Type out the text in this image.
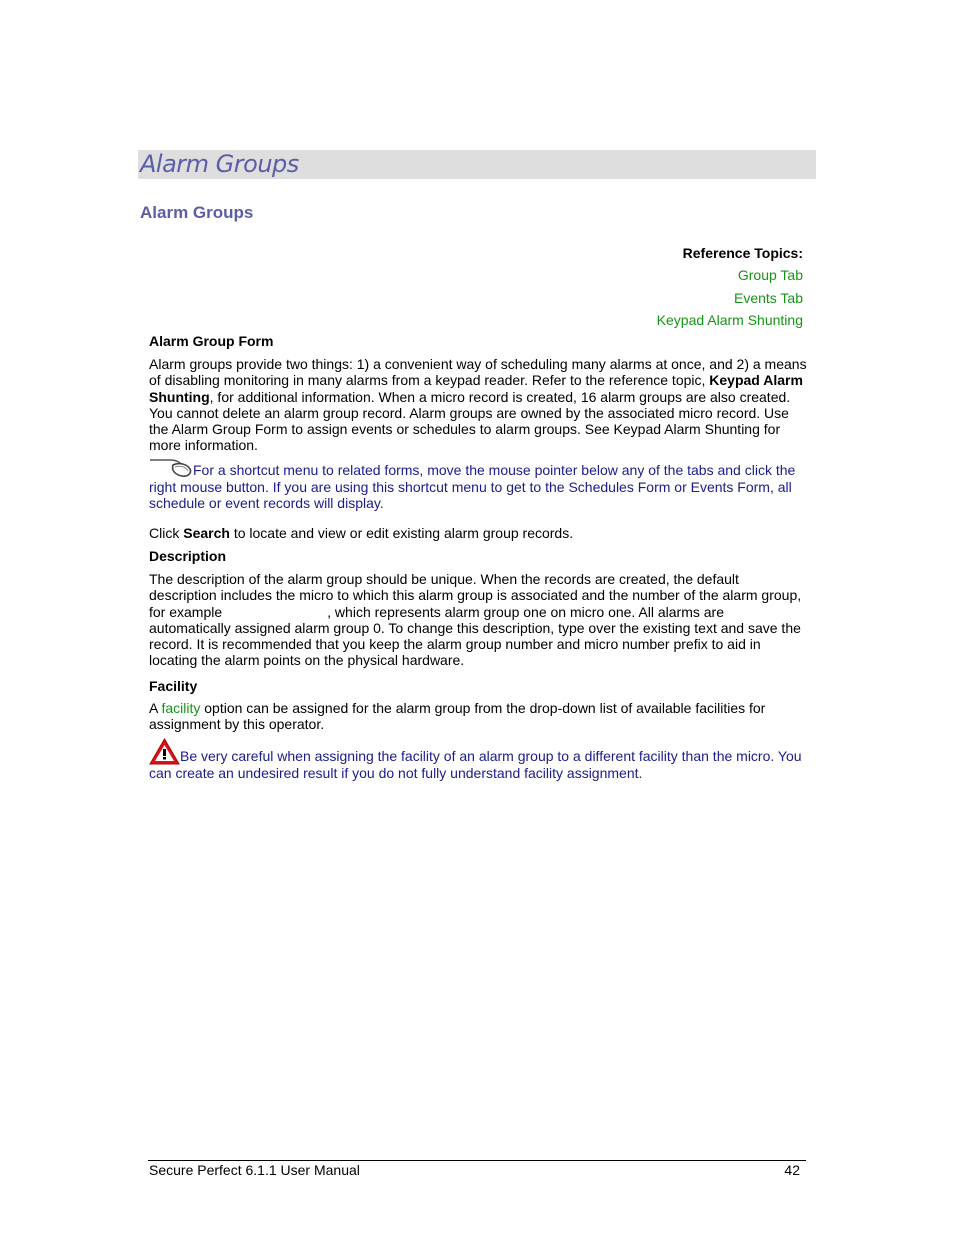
Alarm Groups
Alarm Groups
Reference Topics:
Group Tab
Events Tab
Keypad Alarm Shunting
Alarm Group Form
Alarm groups provide two things: 1) a convenient way of scheduling many alarms at once, and 2) a means of disabling monitoring in many alarms from a keypad reader. Refer to the reference topic, Keypad Alarm Shunting, for additional information. When a micro record is created, 16 alarm groups are also created. You cannot delete an alarm group record. Alarm groups are owned by the associated micro record. Use the Alarm Group Form to assign events or schedules to alarm groups. See Keypad Alarm Shunting for more information.
For a shortcut menu to related forms, move the mouse pointer below any of the tabs and click the right mouse button. If you are using this shortcut menu to get to the Schedules Form or Events Form, all schedule or event records will display.
Click Search to locate and view or edit existing alarm group records.
Description
The description of the alarm group should be unique. When the records are created, the default description includes the micro to which this alarm group is associated and the number of the alarm group, for example	, which represents alarm group one on micro one. All alarms are automatically assigned alarm group 0. To change this description, type over the existing text and save the record. It is recommended that you keep the alarm group number and micro number prefix to aid in locating the alarm points on the physical hardware.
Facility
A facility option can be assigned for the alarm group from the drop-down list of available facilities for assignment by this operator.
Be very careful when assigning the facility of an alarm group to a different facility than the micro. You can create an undesired result if you do not fully understand facility assignment.
Secure Perfect 6.1.1 User Manual	42
